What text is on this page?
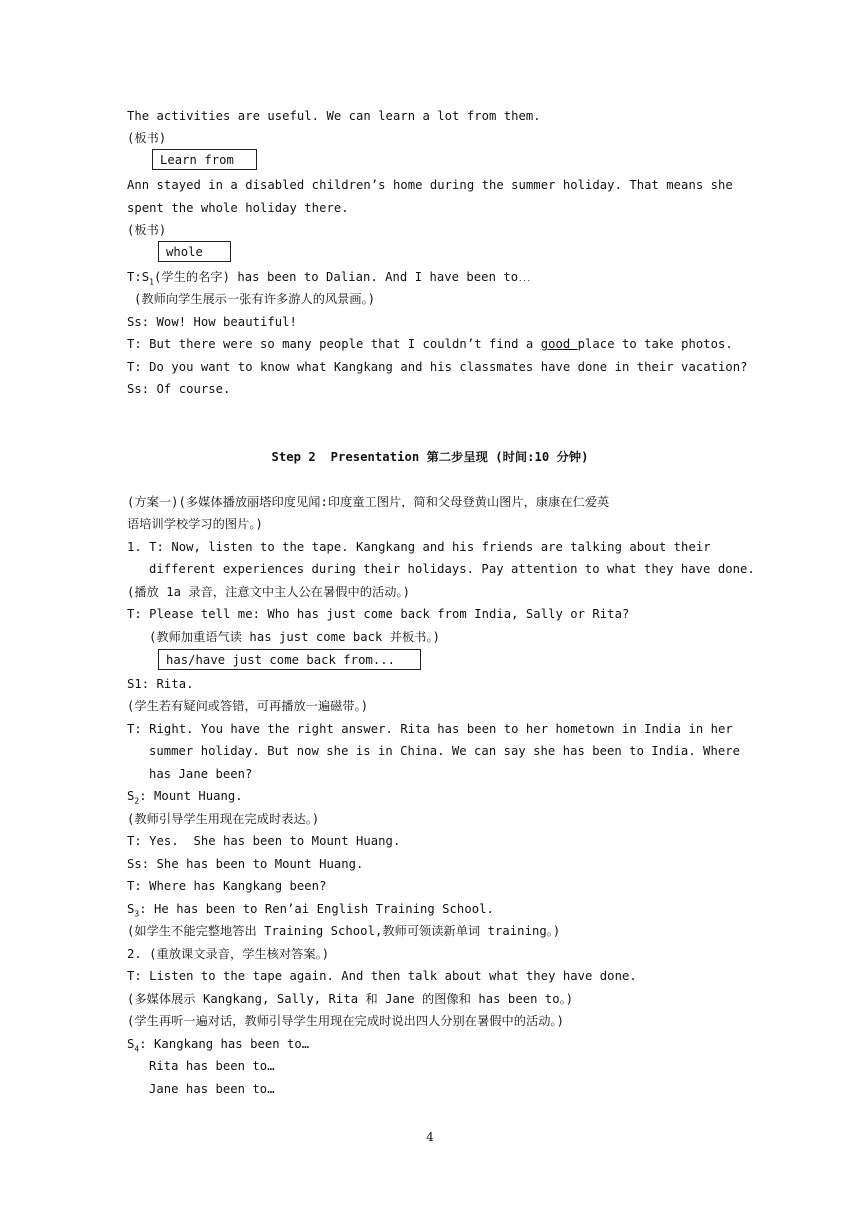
The activities are useful. We can learn a lot from them.
(板书)
Learn from
Ann stayed in a disabled children’s home during the summer holiday. That means she
spent the whole holiday there.
(板书)
whole
$T:S_1$(学生的名字) has been to Dalian. And I have been to...
(教师向学生展示一张有许多游人的风景画。)
Ss: Wow! How beautiful!
T: But there were so many people that I couldn’t find a good place to take photos.
T: Do you want to know what Kangkang and his classmates have done in their vacation?
Ss: Of course.
Step 2  Presentation 第二步呈现 (时间:10 分钟)
(方案一)(多媒体播放丽塔印度见闻:印度童工图片，简和父母登黄山图片，康康在仁爱英
语培训学校学习的图片。)
1. T: Now, listen to the tape. Kangkang and his friends are talking about their
different experiences during their holidays. Pay attention to what they have done.
(播放 1a 录音，注意文中主人公在暑假中的活动。)
T: Please tell me: Who has just come back from India, Sally or Rita?
(教师加重语气读 has just come back 并板书。)
has/have just come back from...
S1: Rita.
(学生若有疑问或答错，可再播放一遍磁带。)
T: Right. You have the right answer. Rita has been to her hometown in India in her
summer holiday. But now she is in China. We can say she has been to India. Where
has Jane been?
$S_2$: Mount Huang.
(教师引导学生用现在完成时表达。)
T: Yes.  She has been to Mount Huang.
Ss: She has been to Mount Huang.
T: Where has Kangkang been?
$S_3$: He has been to Ren’ai English Training School.
(如学生不能完整地答出 Training School,教师可领读新单词 training。)
2. (重放课文录音，学生核对答案。)
T: Listen to the tape again. And then talk about what they have done.
(多媒体展示 Kangkang, Sally, Rita 和 Jane 的图像和 has been to。)
(学生再听一遍对话，教师引导学生用现在完成时说出四人分别在暑假中的活动。)
$S_4$: Kangkang has been to…
Rita has been to…
Jane has been to…
4
